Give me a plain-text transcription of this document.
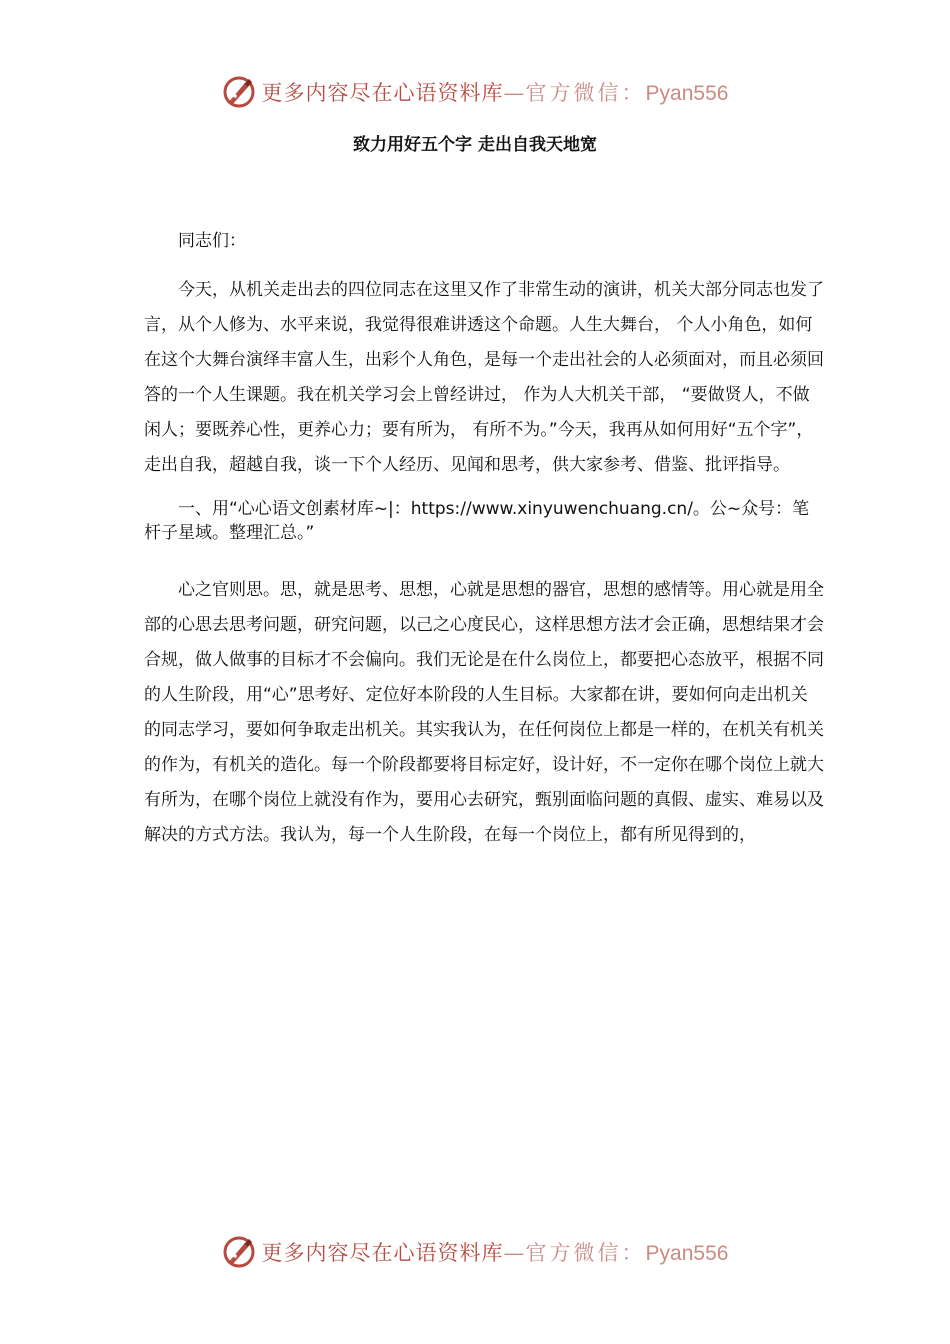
更多内容尽在心语资料库—官方微信：Pyan556
致力用好五个字 走出自我天地宽

同志们：

今天，从机关走出去的四位同志在这里又作了非常生动的演讲，机关大部分同志也发了言，从个人修为、水平来说，我觉得很难讲透这个命题。人生大舞台， 个人小角色，如何在这个大舞台演绎丰富人生，出彩个人角色，是每一个走出社会的人必须面对，而且必须回答的一个人生课题。我在机关学习会上曾经讲过， 作为人大机关干部， “要做贤人，不做闲人；要既养心性，更养心力；要有所为， 有所不为。”今天，我再从如何用好“五个字”，走出自我，超越自我，谈一下个人经历、见闻和思考，供大家参考、借鉴、批评指导。

一、用“心心语文创素材库~|：https://www.xinyuwenchuang.cn/。公~众号：笔杆子星域。整理汇总。”

心之官则思。思，就是思考、思想，心就是思想的器官，思想的感情等。用心就是用全部的心思去思考问题，研究问题，以己之心度民心，这样思想方法才会正确，思想结果才会合规，做人做事的目标才不会偏向。我们无论是在什么岗位上，都要把心态放平，根据不同的人生阶段，用“心”思考好、定位好本阶段的人生目标。大家都在讲，要如何向走出机关的同志学习，要如何争取走出机关。其实我认为，在任何岗位上都是一样的，在机关有机关的作为，有机关的造化。每一个阶段都要将目标定好，设计好，不一定你在哪个岗位上就大有所为，在哪个岗位上就没有作为，要用心去研究，甄别面临问题的真假、虚实、难易以及解决的方式方法。我认为，每一个人生阶段，在每一个岗位上，都有所见得到的，

更多内容尽在心语资料库—官方微信：Pyan556
